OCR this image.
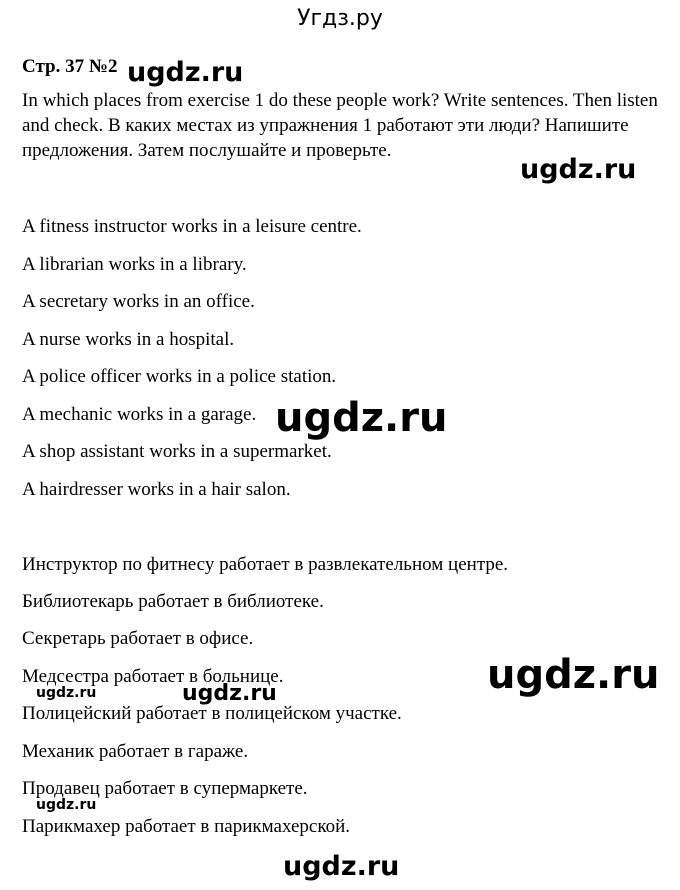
Угдз.ру
Стр. 37 №2
In which places from exercise 1 do these people work? Write sentences. Then listen and check. В каких местах из упражнения 1 работают эти люди? Напишите предложения. Затем послушайте и проверьте.
A fitness instructor works in a leisure centre.
A librarian works in a library.
A secretary works in an office.
A nurse works in a hospital.
A police officer works in a police station.
A mechanic works in a garage.
A shop assistant works in a supermarket.
A hairdresser works in a hair salon.
Инструктор по фитнесу работает в развлекательном центре.
Библиотекарь работает в библиотеке.
Секретарь работает в офисе.
Медсестра работает в больнице.
Полицейский работает в полицейском участке.
Механик работает в гараже.
Продавец работает в супермаркете.
Парикмахер работает в парикмахерской.
ugdz.ru
ugdz.ru
ugdz.ru
ugdz.ru
ugdz.ru	ugdz.ru
ugdz.ru
ugdz.ru
